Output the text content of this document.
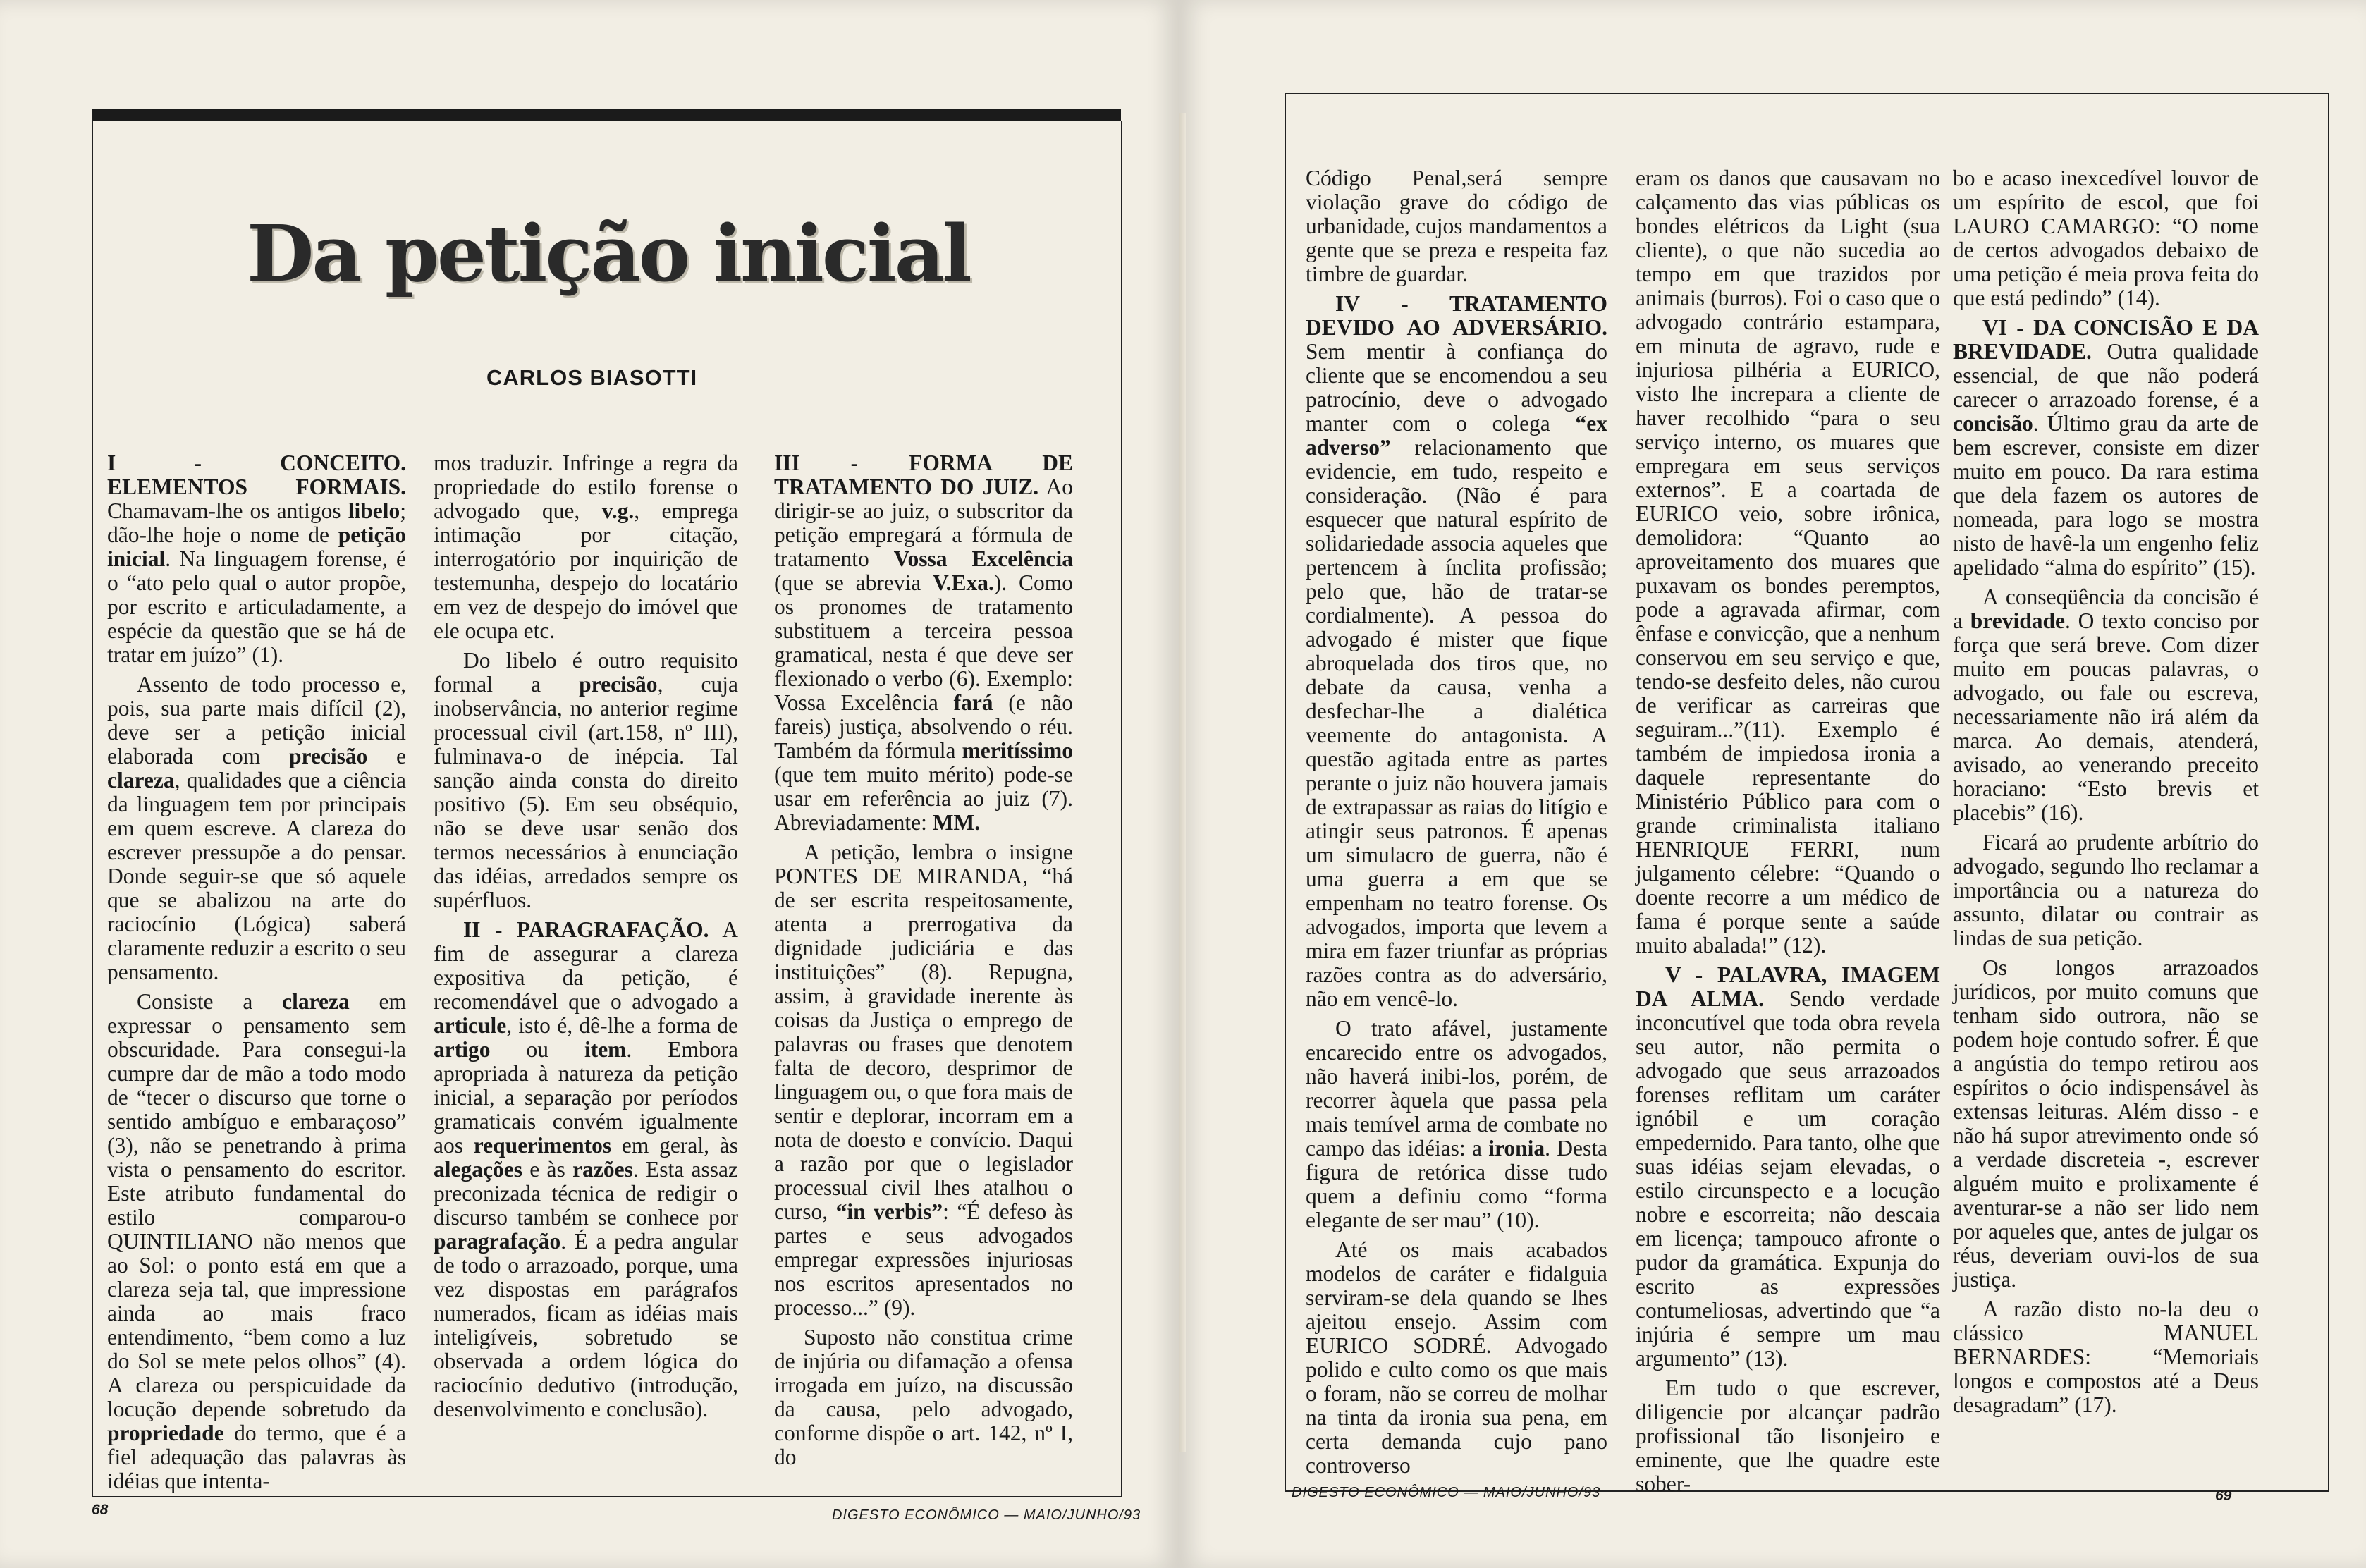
Da petição inicial
CARLOS BIASOTTI

I - CONCEITO. ELEMENTOS FORMAIS. Chamavam-lhe os antigos libelo; dão-lhe hoje o nome de petição inicial. Na linguagem forense, é o “ato pelo qual o autor propõe, por escrito e articuladamente, a espécie da questão que se há de tratar em juízo” (1).

Assento de todo processo e, pois, sua parte mais difícil (2), deve ser a petição inicial elaborada com precisão e clareza, qualidades que a ciência da linguagem tem por principais em quem escreve. A clareza do escrever pressupõe a do pensar. Donde seguir-se que só aquele que se abalizou na arte do raciocínio (Lógica) saberá claramente reduzir a escrito o seu pensamento.

Consiste a clareza em expressar o pensamento sem obscuridade. Para consegui-la cumpre dar de mão a todo modo de “tecer o discurso que torne o sentido ambíguo e embaraçoso” (3), não se penetrando à prima vista o pensamento do escritor. Este atributo fundamental do estilo comparou-o QUINTILIANO não menos que ao Sol: o ponto está em que a clareza seja tal, que impressione ainda ao mais fraco entendimento, “bem como a luz do Sol se mete pelos olhos” (4). A clareza ou perspicuidade da locução depende sobretudo da propriedade do termo, que é a fiel adequação das palavras às idéias que intenta-

mos traduzir. Infringe a regra da propriedade do estilo forense o advogado que, v.g., emprega intimação por citação, interrogatório por inquirição de testemunha, despejo do locatário em vez de despejo do imóvel que ele ocupa etc.

Do libelo é outro requisito formal a precisão, cuja inobservância, no anterior regime processual civil (art.158, nº III), fulminava-o de inépcia. Tal sanção ainda consta do direito positivo (5). Em seu obséquio, não se deve usar senão dos termos necessários à enunciação das idéias, arredados sempre os supérfluos.

II - PARAGRAFAÇÃO. A fim de assegurar a clareza expositiva da petição, é recomendável que o advogado a articule, isto é, dê-lhe a forma de artigo ou item. Embora apropriada à natureza da petição inicial, a separação por períodos gramaticais convém igualmente aos requerimentos em geral, às alegações e às razões. Esta assaz preconizada técnica de redigir o discurso também se conhece por paragrafação. É a pedra angular de todo o arrazoado, porque, uma vez dispostas em parágrafos numerados, ficam as idéias mais inteligíveis, sobretudo se observada a ordem lógica do raciocínio dedutivo (introdução, desenvolvimento e conclusão).

III - FORMA DE TRATAMENTO DO JUIZ. Ao dirigir-se ao juiz, o subscritor da petição empregará a fórmula de tratamento Vossa Excelência (que se abrevia V.Exa.). Como os pronomes de tratamento substituem a terceira pessoa gramatical, nesta é que deve ser flexionado o verbo (6). Exemplo: Vossa Excelência fará (e não fareis) justiça, absolvendo o réu. Também da fórmula meritíssimo (que tem muito mérito) pode-se usar em referência ao juiz (7). Abreviadamente: MM.

A petição, lembra o insigne PONTES DE MIRANDA, “há de ser escrita respeitosamente, atenta a prerrogativa da dignidade judiciária e das instituições” (8). Repugna, assim, à gravidade inerente às coisas da Justiça o emprego de palavras ou frases que denotem falta de decoro, desprimor de linguagem ou, o que fora mais de sentir e deplorar, incorram em a nota de doesto e convício. Daqui a razão por que o legislador processual civil lhes atalhou o curso, “in verbis”: “É defeso às partes e seus advogados empregar expressões injuriosas nos escritos apresentados no processo...” (9).

Suposto não constitua crime de injúria ou difamação a ofensa irrogada em juízo, na discussão da causa, pelo advogado, conforme dispõe o art. 142, nº I, do

68	DIGESTO ECONÔMICO — MAIO/JUNHO/93

Código Penal,será sempre violação grave do código de urbanidade, cujos mandamentos a gente que se preza e respeita faz timbre de guardar.

IV - TRATAMENTO DEVIDO AO ADVERSÁRIO. Sem mentir à confiança do cliente que se encomendou a seu patrocínio, deve o advogado manter com o colega “ex adverso” relacionamento que evidencie, em tudo, respeito e consideração. (Não é para esquecer que natural espírito de solidariedade associa aqueles que pertencem à ínclita profissão; pelo que, hão de tratar-se cordialmente). A pessoa do advogado é mister que fique abroquelada dos tiros que, no debate da causa, venha a desfechar-lhe a dialética veemente do antagonista. A questão agitada entre as partes perante o juiz não houvera jamais de extrapassar as raias do litígio e atingir seus patronos. É apenas um simulacro de guerra, não é uma guerra a em que se empenham no teatro forense. Os advogados, importa que levem a mira em fazer triunfar as próprias razões contra as do adversário, não em vencê-lo.

O trato afável, justamente encarecido entre os advogados, não haverá inibi-los, porém, de recorrer àquela que passa pela mais temível arma de combate no campo das idéias: a ironia. Desta figura de retórica disse tudo quem a definiu como “forma elegante de ser mau” (10).

Até os mais acabados modelos de caráter e fidalguia serviram-se dela quando se lhes ajeitou ensejo. Assim com EURICO SODRÉ. Advogado polido e culto como os que mais o foram, não se correu de molhar na tinta da ironia sua pena, em certa demanda cujo pano controverso

eram os danos que causavam no calçamento das vias públicas os bondes elétricos da Light (sua cliente), o que não sucedia ao tempo em que trazidos por animais (burros). Foi o caso que o advogado contrário estampara, em minuta de agravo, rude e injuriosa pilhéria a EURICO, visto lhe increpara a cliente de haver recolhido “para o seu serviço interno, os muares que empregara em seus serviços externos”. E a coartada de EURICO veio, sobre irônica, demolidora: “Quanto ao aproveitamento dos muares que puxavam os bondes peremptos, pode a agravada afirmar, com ênfase e convicção, que a nenhum conservou em seu serviço e que, tendo-se desfeito deles, não curou de verificar as carreiras que seguiram...”(11). Exemplo é também de impiedosa ironia a daquele representante do Ministério Público para com o grande criminalista italiano HENRIQUE FERRI, num julgamento célebre: “Quando o doente recorre a um médico de fama é porque sente a saúde muito abalada!” (12).

V - PALAVRA, IMAGEM DA ALMA. Sendo verdade inconcutível que toda obra revela seu autor, não permita o advogado que seus arrazoados forenses reflitam um caráter ignóbil e um coração empedernido. Para tanto, olhe que suas idéias sejam elevadas, o estilo circunspecto e a locução nobre e escorreita; não descaia em licença; tampouco afronte o pudor da gramática. Expunja do escrito as expressões contumeliosas, advertindo que “a injúria é sempre um mau argumento” (13).

Em tudo o que escrever, diligencie por alcançar padrão profissional tão lisonjeiro e eminente, que lhe quadre este sober-

bo e acaso inexcedível louvor de um espírito de escol, que foi LAURO CAMARGO: “O nome de certos advogados debaixo de uma petição é meia prova feita do que está pedindo” (14).

VI - DA CONCISÃO E DA BREVIDADE. Outra qualidade essencial, de que não poderá carecer o arrazoado forense, é a concisão. Último grau da arte de bem escrever, consiste em dizer muito em pouco. Da rara estima que dela fazem os autores de nomeada, para logo se mostra nisto de havê-la um engenho feliz apelidado “alma do espírito” (15).

A conseqüência da concisão é a brevidade. O texto conciso por força que será breve. Com dizer muito em poucas palavras, o advogado, ou fale ou escreva, necessariamente não irá além da marca. Ao demais, atenderá, avisado, ao venerando preceito horaciano: “Esto brevis et placebis” (16).

Ficará ao prudente arbítrio do advogado, segundo lho reclamar a importância ou a natureza do assunto, dilatar ou contrair as lindas de sua petição.

Os longos arrazoados jurídicos, por muito comuns que tenham sido outrora, não se podem hoje contudo sofrer. É que a angústia do tempo retirou aos espíritos o ócio indispensável às extensas leituras. Além disso - e não há supor atrevimento onde só a verdade discreteia -, escrever alguém muito e prolixamente é aventurar-se a não ser lido nem por aqueles que, antes de julgar os réus, deveriam ouvi-los de sua justiça.

A razão disto no-la deu o clássico MANUEL BERNARDES: “Memoriais longos e compostos até a Deus desagradam” (17).

DIGESTO ECONÔMICO — MAIO/JUNHO/93	69
